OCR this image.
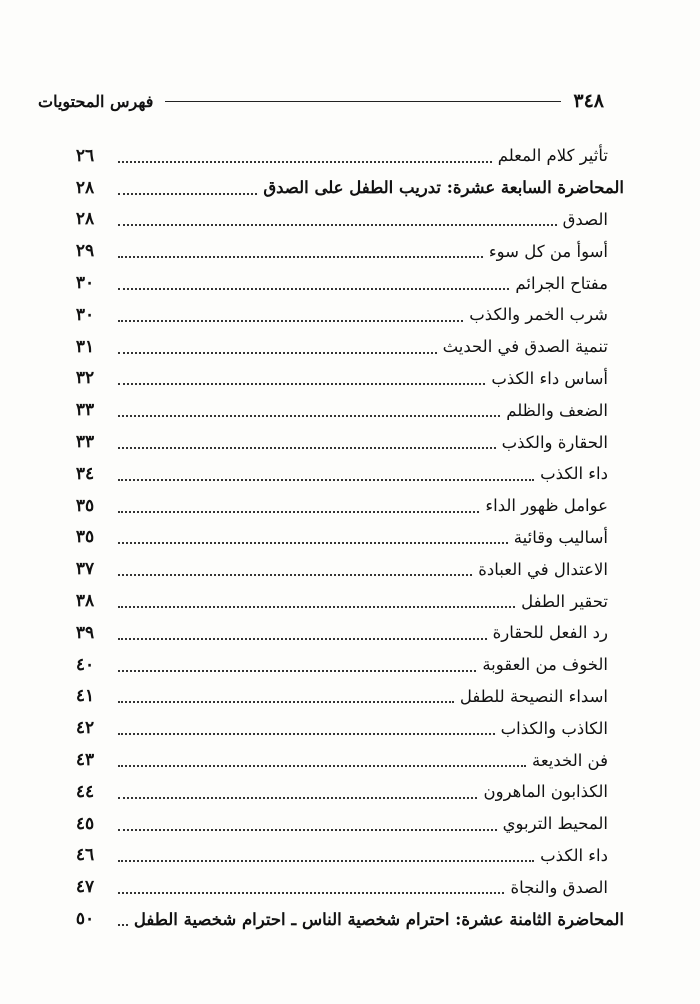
٣٤٨
فهرس المحتويات
تأثير كلام المعلم
٢٦
المحاضرة السابعة عشرة: تدريب الطفل على الصدق
٢٨
الصدق
٢٨
أسوأ من كل سوء
٢٩
مفتاح الجرائم
٣٠
شرب الخمر والكذب
٣٠
تنمية الصدق في الحديث
٣١
أساس داء الكذب
٣٢
الضعف والظلم
٣٣
الحقارة والكذب
٣٣
داء الكذب
٣٤
عوامل ظهور الداء
٣٥
أساليب وقائية
٣٥
الاعتدال في العبادة
٣٧
تحقير الطفل
٣٨
رد الفعل للحقارة
٣٩
الخوف من العقوبة
٤٠
اسداء النصيحة للطفل
٤١
الكاذب والكذاب
٤٢
فن الخديعة
٤٣
الكذابون الماهرون
٤٤
المحيط التربوي
٤٥
داء الكذب
٤٦
الصدق والنجاة
٤٧
المحاضرة الثامنة عشرة: احترام شخصية الناس ـ احترام شخصية الطفل
٥٠
